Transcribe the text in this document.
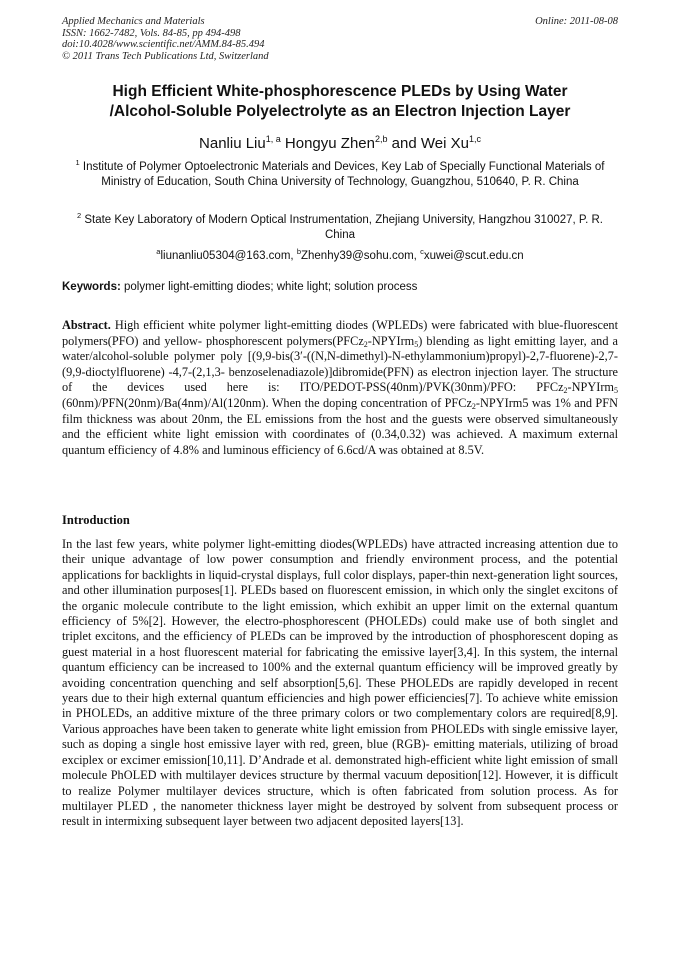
Applied Mechanics and Materials
ISSN: 1662-7482, Vols. 84-85, pp 494-498
doi:10.4028/www.scientific.net/AMM.84-85.494
© 2011 Trans Tech Publications Ltd, Switzerland
Online: 2011-08-08
High Efficient White-phosphorescence PLEDs by Using Water
/Alcohol-Soluble Polyelectrolyte as an Electron Injection Layer
Nanliu Liu$^{1, a}$ Hongyu Zhen$^{2,b}$ and Wei Xu$^{1,c}$
$^1$ Institute of Polymer Optoelectronic Materials and Devices, Key Lab of Specially Functional Materials of Ministry of Education, South China University of Technology, Guangzhou, 510640, P. R. China
$^2$ State Key Laboratory of Modern Optical Instrumentation, Zhejiang University, Hangzhou 310027, P. R. China
$^a$liunanliu05304@163.com, $^b$Zhenhy39@sohu.com, $^c$xuwei@scut.edu.cn
Keywords: polymer light-emitting diodes; white light; solution process
Abstract. High efficient white polymer light-emitting diodes (WPLEDs) were fabricated with blue-fluorescent polymers(PFO) and yellow- phosphorescent polymers(PFCz$_2$-NPYIrm$_5$) blending as light emitting layer, and a water/alcohol-soluble polymer poly [(9,9-bis(3′-((N,N-dimethyl)-N-ethylammonium)propyl)-2,7-fluorene)-2,7-(9,9-dioctylfluorene) -4,7-(2,1,3- benzoselenadiazole)]dibromide(PFN) as electron injection layer. The structure of the devices used here is: ITO/PEDOT-PSS(40nm)/PVK(30nm)/PFO: PFCz$_2$-NPYIrm$_5$ (60nm)/PFN(20nm)/Ba(4nm)/Al(120nm). When the doping concentration of PFCz$_2$-NPYIrm5 was 1% and PFN film thickness was about 20nm, the EL emissions from the host and the guests were observed simultaneously and the efficient white light emission with coordinates of (0.34,0.32) was achieved. A maximum external quantum efficiency of 4.8% and luminous efficiency of 6.6cd/A was obtained at 8.5V.
Introduction
In the last few years, white polymer light-emitting diodes(WPLEDs) have attracted increasing attention due to their unique advantage of low power consumption and friendly environment process, and the potential applications for backlights in liquid-crystal displays, full color displays, paper-thin next-generation light sources, and other illumination purposes[1]. PLEDs based on fluorescent emission, in which only the singlet excitons of the organic molecule contribute to the light emission, which exhibit an upper limit on the external quantum efficiency of 5%[2]. However, the electro-phosphorescent (PHOLEDs) could make use of both singlet and triplet excitons, and the efficiency of PLEDs can be improved by the introduction of phosphorescent doping as guest material in a host fluorescent material for fabricating the emissive layer[3,4]. In this system, the internal quantum efficiency can be increased to 100% and the external quantum efficiency will be improved greatly by avoiding concentration quenching and self absorption[5,6]. These PHOLEDs are rapidly developed in recent years due to their high external quantum efficiencies and high power efficiencies[7]. To achieve white emission in PHOLEDs, an additive mixture of the three primary colors or two complementary colors are required[8,9]. Various approaches have been taken to generate white light emission from PHOLEDs with single emissive layer, such as doping a single host emissive layer with red, green, blue (RGB)- emitting materials, utilizing of broad exciplex or excimer emission[10,11]. D’Andrade et al. demonstrated high-efficient white light emission of small molecule PhOLED with multilayer devices structure by thermal vacuum deposition[12]. However, it is difficult to realize Polymer multilayer devices structure, which is often fabricated from solution process. As for multilayer PLED , the nanometer thickness layer might be destroyed by solvent from subsequent process or result in intermixing subsequent layer between two adjacent deposited layers[13].
